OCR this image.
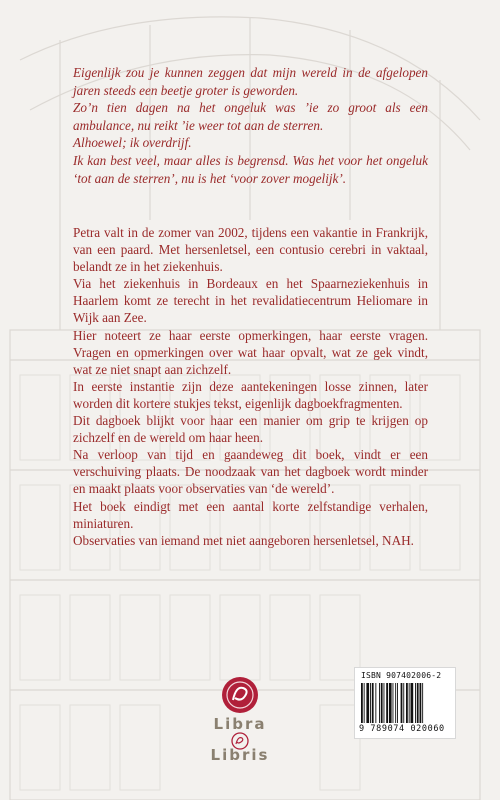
Eigenlijk zou je kunnen zeggen dat mijn wereld in de afgelopen jaren steeds een beetje groter is geworden.

Zo’n tien dagen na het ongeluk was ’ie zo groot als een ambulance, nu reikt ’ie weer tot aan de sterren.

Alhoewel; ik overdrijf.

Ik kan best veel, maar alles is begrensd. Was het voor het ongeluk ‘tot aan de sterren’, nu is het ‘voor zover mogelijk’.

Petra valt in de zomer van 2002, tijdens een vakantie in Frankrijk, van een paard. Met hersenletsel, een contusio cerebri in vaktaal, belandt ze in het ziekenhuis.

Via het ziekenhuis in Bordeaux en het Spaarneziekenhuis in Haarlem komt ze terecht in het revalidatiecentrum Heliomare in Wijk aan Zee.

Hier noteert ze haar eerste opmerkingen, haar eerste vragen. Vragen en opmerkingen over wat haar opvalt, wat ze gek vindt, wat ze niet snapt aan zichzelf.

In eerste instantie zijn deze aantekeningen losse zinnen, later worden dit kortere stukjes tekst, eigenlijk dagboekfragmenten.

Dit dagboek blijkt voor haar een manier om grip te krijgen op zichzelf en de wereld om haar heen.

Na verloop van tijd en gaandeweg dit boek, vindt er een verschuiving plaats. De noodzaak van het dagboek wordt minder en maakt plaats voor observaties van ‘de wereld’.

Het boek eindigt met een aantal korte zelfstandige verhalen, miniaturen.

Observaties van iemand met niet aangeboren hersenletsel, NAH.

Libra
Libris
ISBN 907402006-2
9 789074 020060
